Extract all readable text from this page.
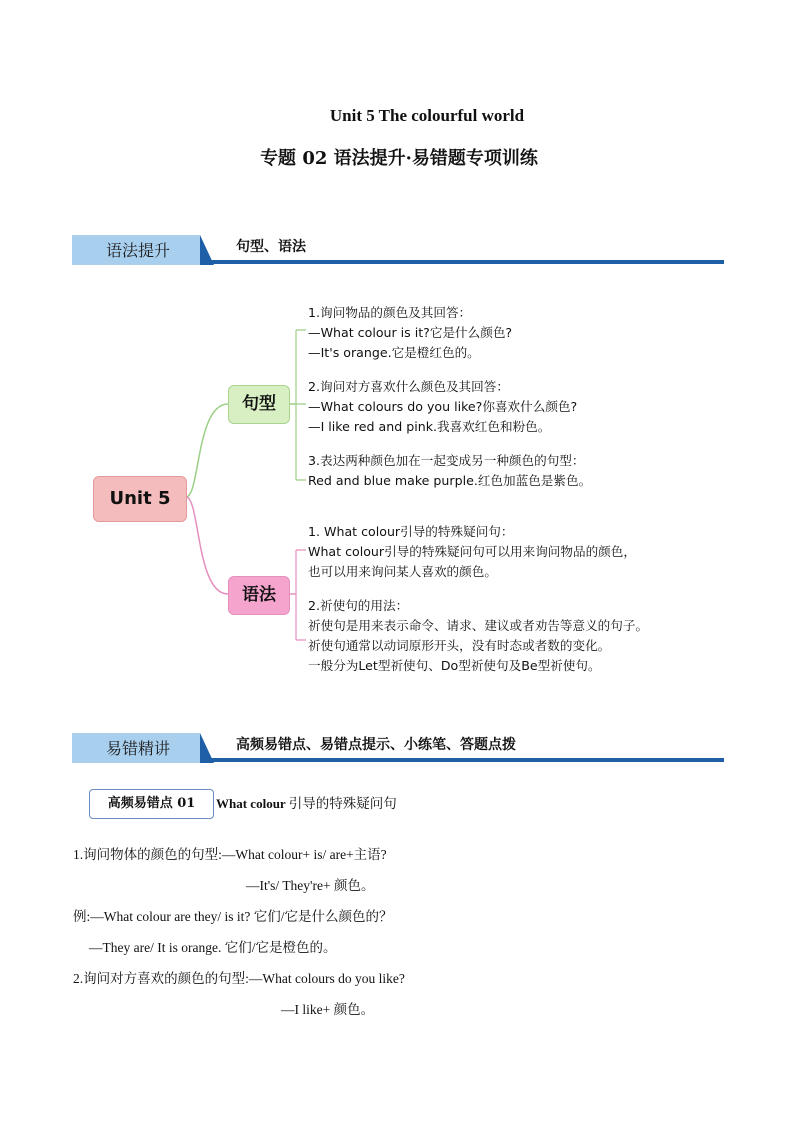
Unit 5 The colourful world
专题 02 语法提升·易错题专项训练
语法提升	句型、语法
Unit 5
句型
语法
1.询问物品的颜色及其回答：
—What colour is it?它是什么颜色?
—It's orange.它是橙红色的。
2.询问对方喜欢什么颜色及其回答：
—What colours do you like?你喜欢什么颜色?
—I like red and pink.我喜欢红色和粉色。
3.表达两种颜色加在一起变成另一种颜色的句型：
Red and blue make purple.红色加蓝色是紫色。
1. What colour引导的特殊疑问句：
What colour引导的特殊疑问句可以用来询问物品的颜色，
也可以用来询问某人喜欢的颜色。
2.祈使句的用法：
祈使句是用来表示命令、请求、建议或者劝告等意义的句子。
祈使句通常以动词原形开头，没有时态或者数的变化。
一般分为Let型祈使句、Do型祈使句及Be型祈使句。
易错精讲	高频易错点、易错点提示、小练笔、答题点拨
高频易错点 01	What colour 引导的特殊疑问句
1.询问物体的颜色的句型:—What colour+ is/ are+主语?
—It's/ They're+ 颜色。
例:—What colour are they/ is it? 它们/它是什么颜色的？
—They are/ It is orange. 它们/它是橙色的。
2.询问对方喜欢的颜色的句型:—What colours do you like?
—I like+ 颜色。
